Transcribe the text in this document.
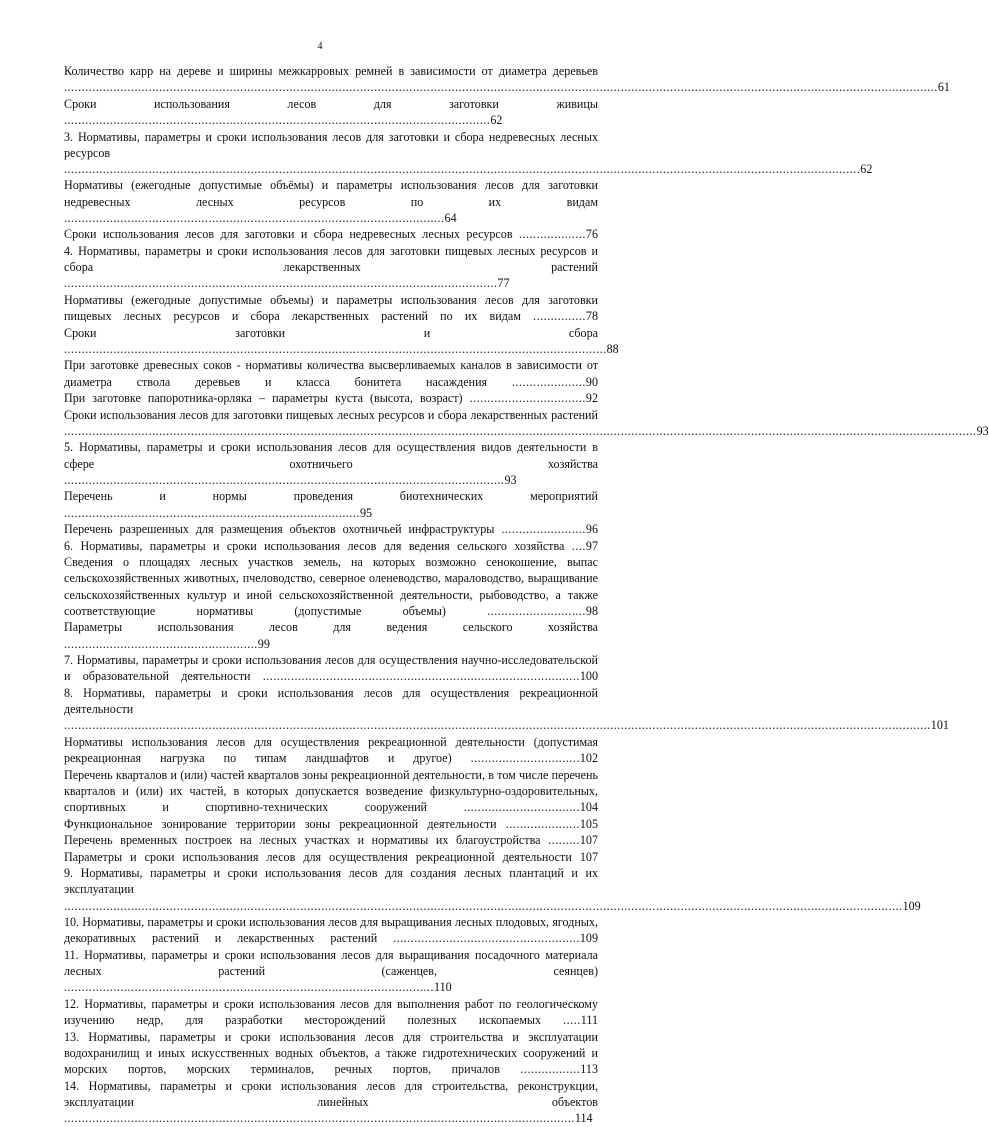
4

Количество карр на дереве и ширины межкарровых ремней в зависимости от диаметра деревьев ........................................................................................................................................................................................................................................................61

Сроки использования лесов для заготовки живицы .........................................................................................................................62

3. Нормативы, параметры и сроки использования лесов для заготовки и сбора недревесных лесных ресурсов ..................................................................................................................................................................................................................................62

Нормативы (ежегодные допустимые объёмы) и параметры использования лесов для заготовки недревесных лесных ресурсов по их видам ............................................................................................................64

Сроки использования лесов для заготовки и сбора недревесных лесных ресурсов ...................76

4. Нормативы, параметры и сроки использования лесов для заготовки пищевых лесных ресурсов и сбора лекарственных растений ...........................................................................................................................77

Нормативы (ежегодные допустимые объемы) и параметры использования лесов для заготовки пищевых лесных ресурсов и сбора лекарственных растений по их видам ...............78

Сроки заготовки и сбора ..........................................................................................................................................................88

При заготовке древесных соков - нормативы количества высверливаемых каналов в зависимости от диаметра ствола деревьев и класса бонитета насаждения .....................90

При заготовке папоротника-орляка – параметры куста (высота, возраст) .................................92

Сроки использования лесов для заготовки пищевых лесных ресурсов и сбора лекарственных растений ...................................................................................................................................................................................................................................................................93

5. Нормативы, параметры и сроки использования лесов для осуществления видов деятельности в сфере охотничьего хозяйства .............................................................................................................................93

Перечень и нормы проведения биотехнических мероприятий ....................................................................................95

Перечень разрешенных для размещения объектов охотничьей инфраструктуры ........................96

6. Нормативы, параметры и сроки использования лесов для ведения сельского хозяйства ....97

Сведения о площадях лесных участков земель, на которых возможно сенокошение, выпас сельскохозяйственных животных, пчеловодство, северное оленеводство, мараловодство, выращивание сельскохозяйственных культур и иной сельскохозяйственной деятельности, рыбоводство, а также соответствующие нормативы (допустимые объемы)	............................98

Параметры использования лесов для ведения сельского хозяйства .......................................................99

7. Нормативы, параметры и сроки использования лесов для осуществления научно-исследовательской и образовательной деятельности ..........................................................................................100

8. Нормативы, параметры и сроки использования лесов для осуществления рекреационной деятельности ......................................................................................................................................................................................................................................................101

Нормативы использования лесов для осуществления рекреационной деятельности (допустимая рекреационная нагрузка по типам ландшафтов и другое) ...............................102

Перечень кварталов и (или) частей кварталов зоны рекреационной деятельности, в том числе перечень кварталов и (или) их частей, в которых допускается возведение физкультурно-оздоровительных, спортивных и спортивно-технических сооружений	.................................104

Функциональное зонирование территории зоны рекреационной деятельности .....................105

Перечень временных построек на лесных участках и нормативы их благоустройства .........107

Параметры и сроки использования лесов для осуществления рекреационной деятельности 107

9. Нормативы, параметры и сроки использования лесов для создания лесных плантаций и их эксплуатации ..............................................................................................................................................................................................................................................109

10. Нормативы, параметры и сроки использования лесов для выращивания лесных плодовых, ягодных, декоративных растений и лекарственных растений .....................................................109

11. Нормативы, параметры и сроки использования лесов для выращивания посадочного материала лесных растений (саженцев, сеянцев) .........................................................................................................110

12. Нормативы, параметры и сроки использования лесов для выполнения работ по геологическому изучению недр, для разработки месторождений полезных ископаемых .....111

13. Нормативы, параметры и сроки использования лесов для строительства и эксплуатации водохранилищ и иных искусственных водных объектов, а также гидротехнических сооружений и морских портов, морских терминалов, речных портов, причалов .................113

14. Нормативы, параметры и сроки использования лесов для строительства, реконструкции, эксплуатации линейных объектов .................................................................................................................................................114
